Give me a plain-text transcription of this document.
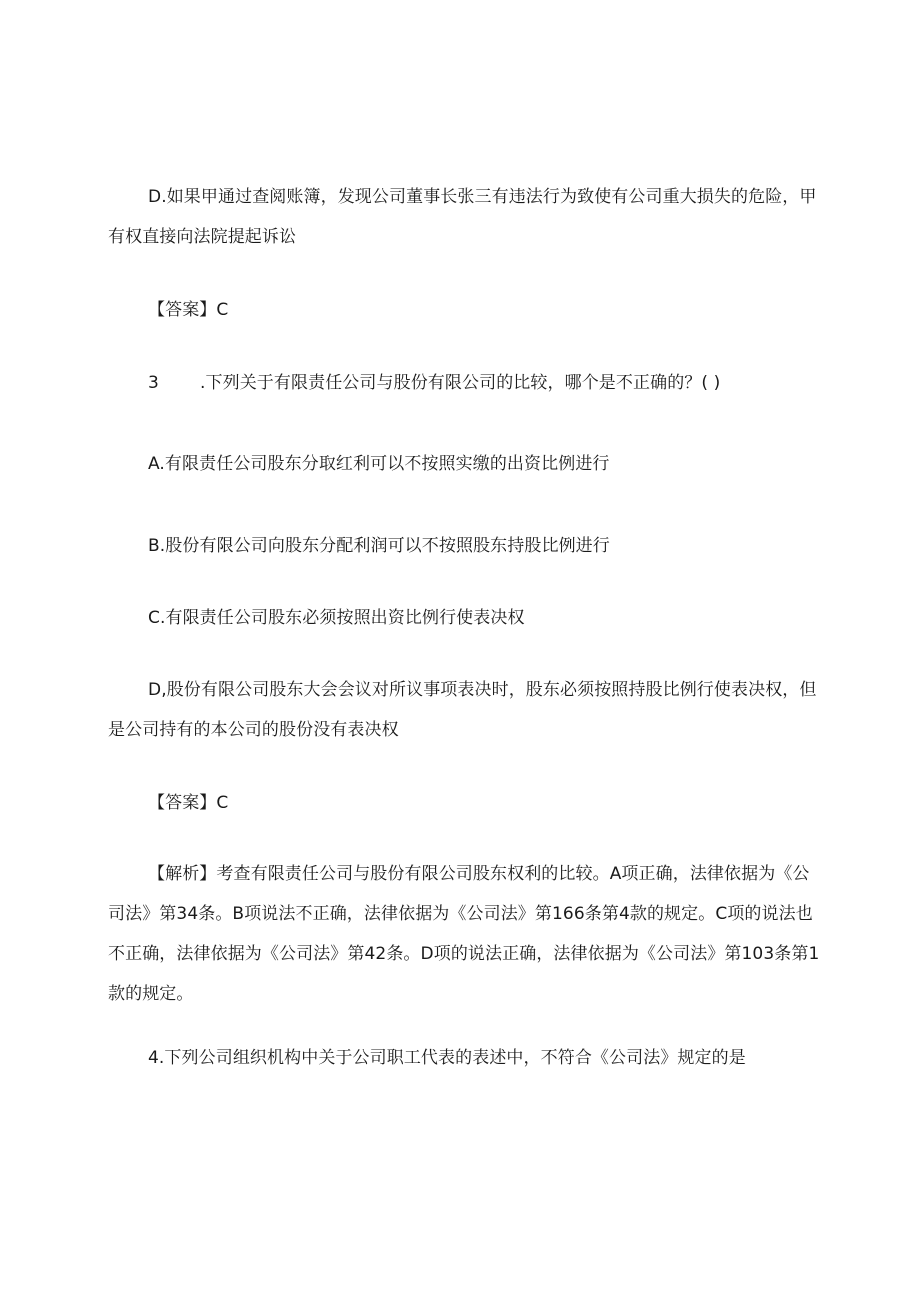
D.如果甲通过查阅账簿，发现公司董事长张三有违法行为致使有公司重大损失的危险，甲有权直接向法院提起诉讼

【答案】C

3 .下列关于有限责任公司与股份有限公司的比较，哪个是不正确的？( )

A.有限责任公司股东分取红利可以不按照实缴的出资比例进行

B.股份有限公司向股东分配利润可以不按照股东持股比例进行

C.有限责任公司股东必须按照出资比例行使表决权

D,股份有限公司股东大会会议对所议事项表决时，股东必须按照持股比例行使表决权，但是公司持有的本公司的股份没有表决权

【答案】C

【解析】考查有限责任公司与股份有限公司股东权利的比较。A项正确，法律依据为《公司法》第34条。B项说法不正确，法律依据为《公司法》第166条第4款的规定。C项的说法也不正确，法律依据为《公司法》第42条。D项的说法正确，法律依据为《公司法》第103条第1款的规定。

4.下列公司组织机构中关于公司职工代表的表述中，不符合《公司法》规定的是
